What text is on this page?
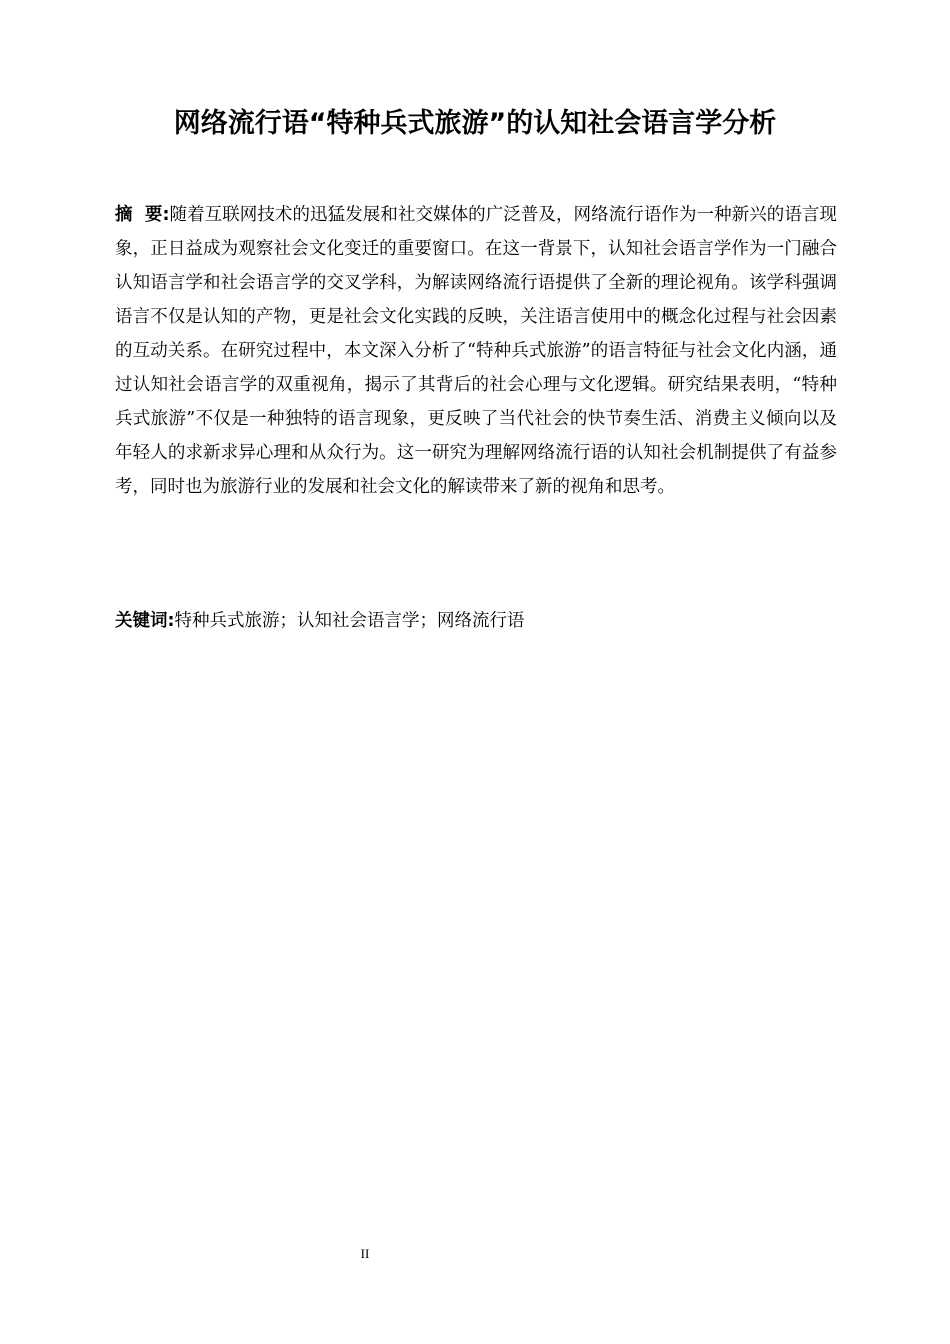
网络流行语“特种兵式旅游”的认知社会语言学分析
摘  要:随着互联网技术的迅猛发展和社交媒体的广泛普及，网络流行语作为一种新兴的语言现象，正日益成为观察社会文化变迁的重要窗口。在这一背景下，认知社会语言学作为一门融合认知语言学和社会语言学的交叉学科，为解读网络流行语提供了全新的理论视角。该学科强调语言不仅是认知的产物，更是社会文化实践的反映，关注语言使用中的概念化过程与社会因素的互动关系。在研究过程中，本文深入分析了“特种兵式旅游”的语言特征与社会文化内涵，通过认知社会语言学的双重视角，揭示了其背后的社会心理与文化逻辑。研究结果表明，“特种兵式旅游”不仅是一种独特的语言现象，更反映了当代社会的快节奏生活、消费主义倾向以及年轻人的求新求异心理和从众行为。这一研究为理解网络流行语的认知社会机制提供了有益参考，同时也为旅游行业的发展和社会文化的解读带来了新的视角和思考。
关键词:特种兵式旅游；认知社会语言学；网络流行语
II
